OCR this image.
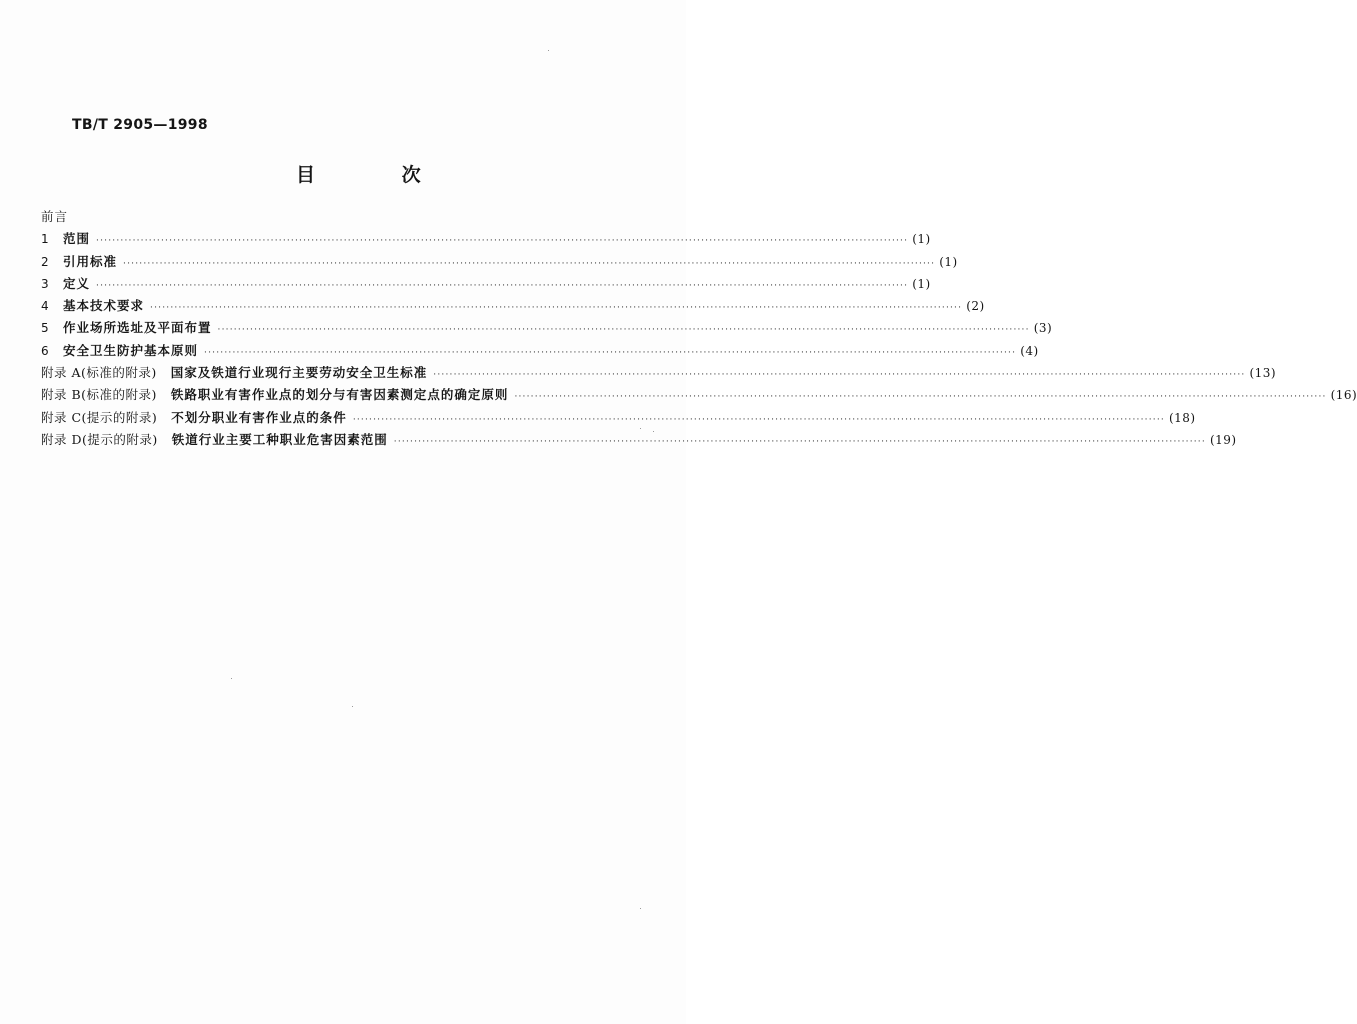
TB/T 2905—1998
目 次
前言
1	范围 ········································································································································································································ (1)
2	引用标准 ········································································································································································································ (1)
3	定义 ········································································································································································································ (1)
4	基本技术要求 ········································································································································································································ (2)
5	作业场所选址及平面布置 ········································································································································································································ (3)
6	安全卫生防护基本原则 ········································································································································································································ (4)
附录 A(标准的附录) 国家及铁道行业现行主要劳动安全卫生标准 ········································································································································································································ (13)
附录 B(标准的附录) 铁路职业有害作业点的划分与有害因素测定点的确定原则 ········································································································································································································ (16)
附录 C(提示的附录) 不划分职业有害作业点的条件 ········································································································································································································ (18)
附录 D(提示的附录) 铁道行业主要工种职业危害因素范围 ········································································································································································································ (19)
